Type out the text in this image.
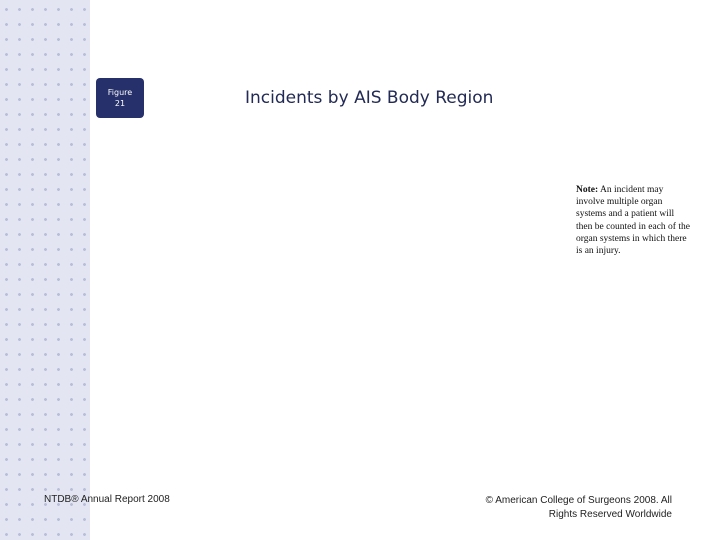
Figure
21	Incidents by AIS Body Region
Note: An incident may involve multiple organ systems and a patient will then be counted in each of the organ systems in which there is an injury.
NTDB® Annual Report 2008	© American College of Surgeons 2008. All
Rights Reserved Worldwide
